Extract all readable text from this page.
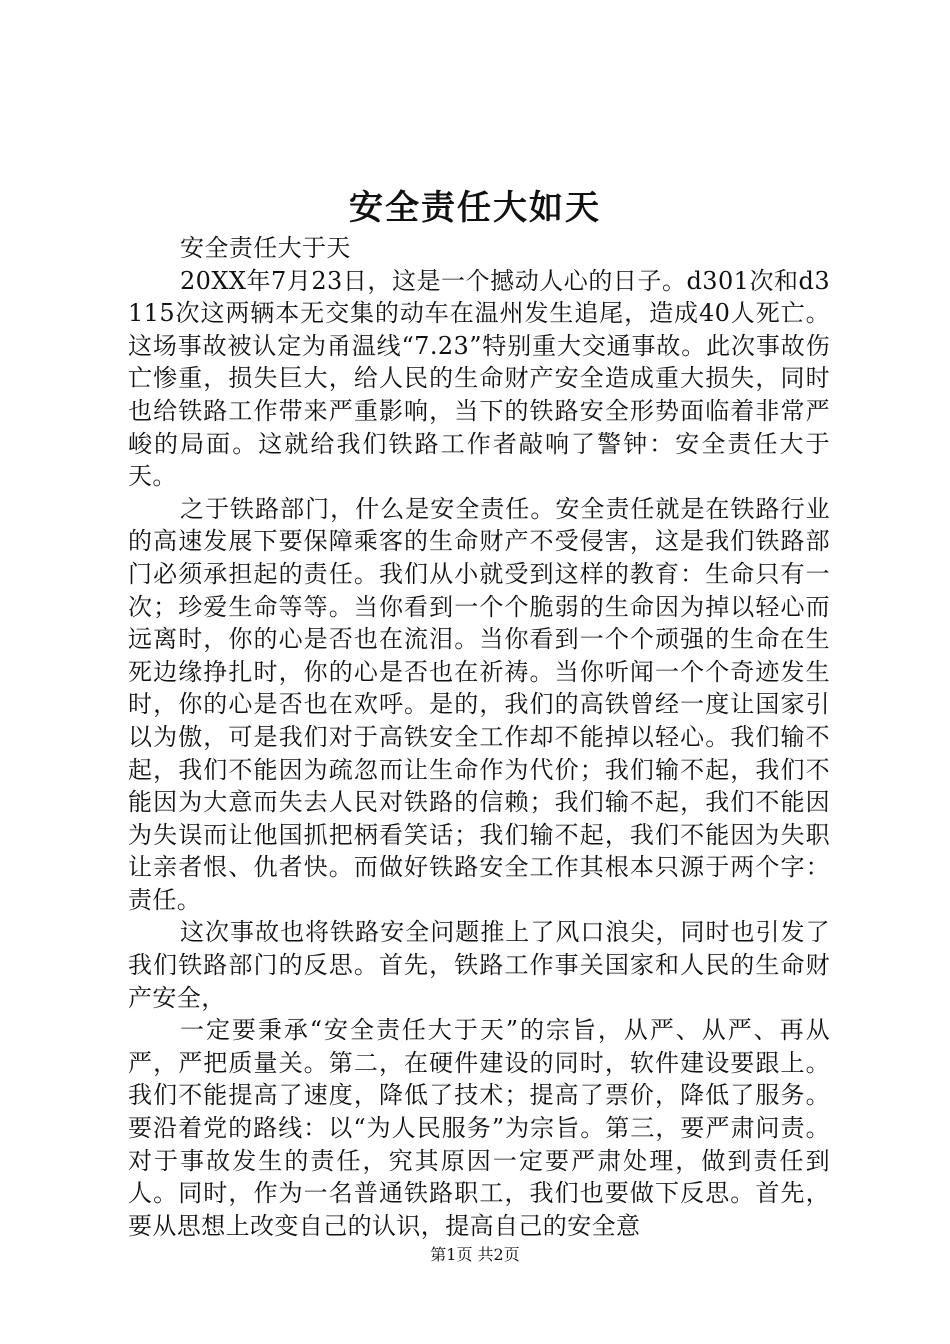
安全责任大如天

安全责任大于天

20XX年7月23日，这是一个撼动人心的日子。d301次和d3115次这两辆本无交集的动车在温州发生追尾，造成40人死亡。这场事故被认定为甬温线“7.23”特别重大交通事故。此次事故伤亡惨重，损失巨大，给人民的生命财产安全造成重大损失，同时也给铁路工作带来严重影响，当下的铁路安全形势面临着非常严峻的局面。这就给我们铁路工作者敲响了警钟：安全责任大于天。

之于铁路部门，什么是安全责任。安全责任就是在铁路行业的高速发展下要保障乘客的生命财产不受侵害，这是我们铁路部门必须承担起的责任。我们从小就受到这样的教育：生命只有一次；珍爱生命等等。当你看到一个个脆弱的生命因为掉以轻心而远离时，你的心是否也在流泪。当你看到一个个顽强的生命在生死边缘挣扎时，你的心是否也在祈祷。当你听闻一个个奇迹发生时，你的心是否也在欢呼。是的，我们的高铁曾经一度让国家引以为傲，可是我们对于高铁安全工作却不能掉以轻心。我们输不起，我们不能因为疏忽而让生命作为代价；我们输不起，我们不能因为大意而失去人民对铁路的信赖；我们输不起，我们不能因为失误而让他国抓把柄看笑话；我们输不起，我们不能因为失职让亲者恨、仇者快。而做好铁路安全工作其根本只源于两个字：责任。

这次事故也将铁路安全问题推上了风口浪尖，同时也引发了我们铁路部门的反思。首先，铁路工作事关国家和人民的生命财产安全，

一定要秉承“安全责任大于天”的宗旨，从严、从严、再从严，严把质量关。第二，在硬件建设的同时，软件建设要跟上。我们不能提高了速度，降低了技术；提高了票价，降低了服务。要沿着党的路线：以“为人民服务”为宗旨。第三，要严肃问责。对于事故发生的责任，究其原因一定要严肃处理，做到责任到人。同时，作为一名普通铁路职工，我们也要做下反思。首先，要从思想上改变自己的认识，提高自己的安全意

第1页 共2页
